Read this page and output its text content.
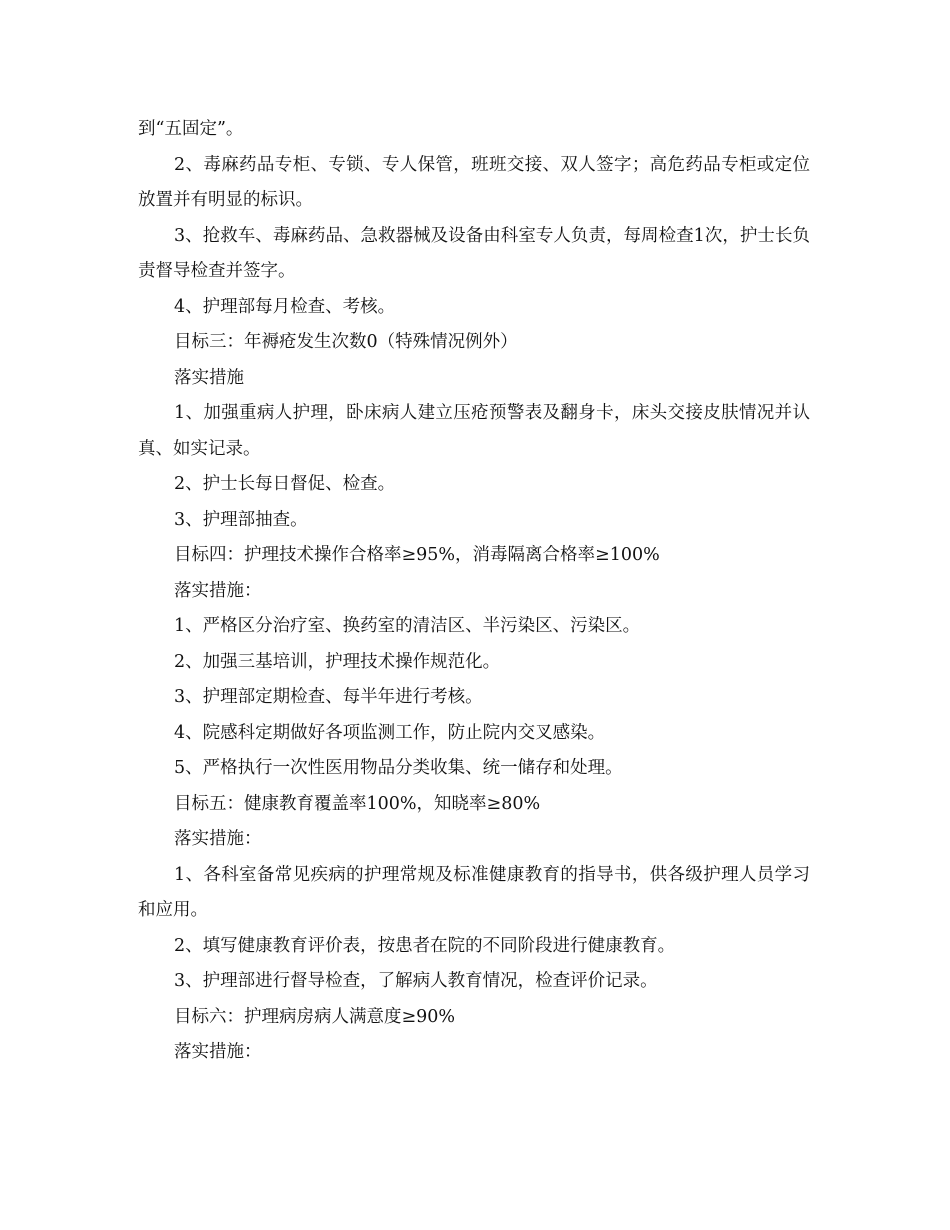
到“五固定”。

2、毒麻药品专柜、专锁、专人保管，班班交接、双人签字；高危药品专柜或定位放置并有明显的标识。

3、抢救车、毒麻药品、急救器械及设备由科室专人负责，每周检查1次，护士长负责督导检查并签字。

4、护理部每月检查、考核。

目标三：年褥疮发生次数0（特殊情况例外）

落实措施

1、加强重病人护理，卧床病人建立压疮预警表及翻身卡，床头交接皮肤情况并认真、如实记录。

2、护士长每日督促、检查。

3、护理部抽查。

目标四：护理技术操作合格率≥95%，消毒隔离合格率≥100%

落实措施：

1、严格区分治疗室、换药室的清洁区、半污染区、污染区。

2、加强三基培训，护理技术操作规范化。

3、护理部定期检查、每半年进行考核。

4、院感科定期做好各项监测工作，防止院内交叉感染。

5、严格执行一次性医用物品分类收集、统一储存和处理。

目标五：健康教育覆盖率100%，知晓率≥80%

落实措施：

1、各科室备常见疾病的护理常规及标准健康教育的指导书，供各级护理人员学习和应用。

2、填写健康教育评价表，按患者在院的不同阶段进行健康教育。

3、护理部进行督导检查，了解病人教育情况，检查评价记录。

目标六：护理病房病人满意度≥90%

落实措施：
